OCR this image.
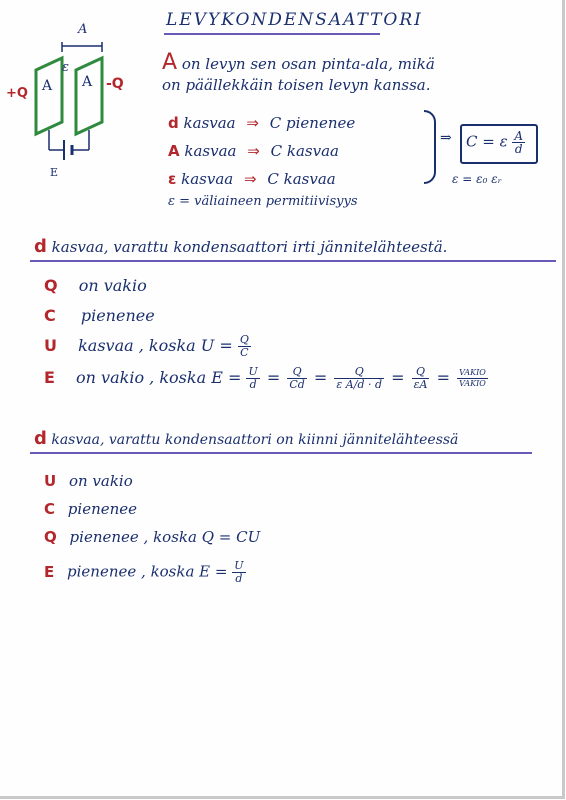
A
ε
A A
+Q
-Q
E
LEVYKONDENSAATTORI
A on levyn sen osan pinta-ala, mikä
on päällekkäin toisen levyn kanssa.
d kasvaa ⇒ C pienenee
A kasvaa ⇒ C kasvaa
ε kasvaa ⇒ C kasvaa
⇒ C = ε $\frac{A}{d}$
ε = ε₀ εᵣ
ε = väliaineen permitiivisyys
d kasvaa, varattu kondensaattori irti jännitelähteestä.
Q on vakio
C pienenee
U kasvaa , koska $U = \frac{Q}{C}$
E on vakio , koska $E = \frac{U}{d} = \frac{Q}{Cd} = \frac{Q}{\text{ε A/d · d}} = \frac{Q}{\varepsilon A} = \frac{\text{VAKIO}}{\text{VAKIO}}$
d kasvaa, varattu kondensaattori on kiinni jännitelähteessä
U on vakio
C pienenee
Q pienenee , koska Q = CU
E pienenee , koska $E = \frac{U}{d}$
